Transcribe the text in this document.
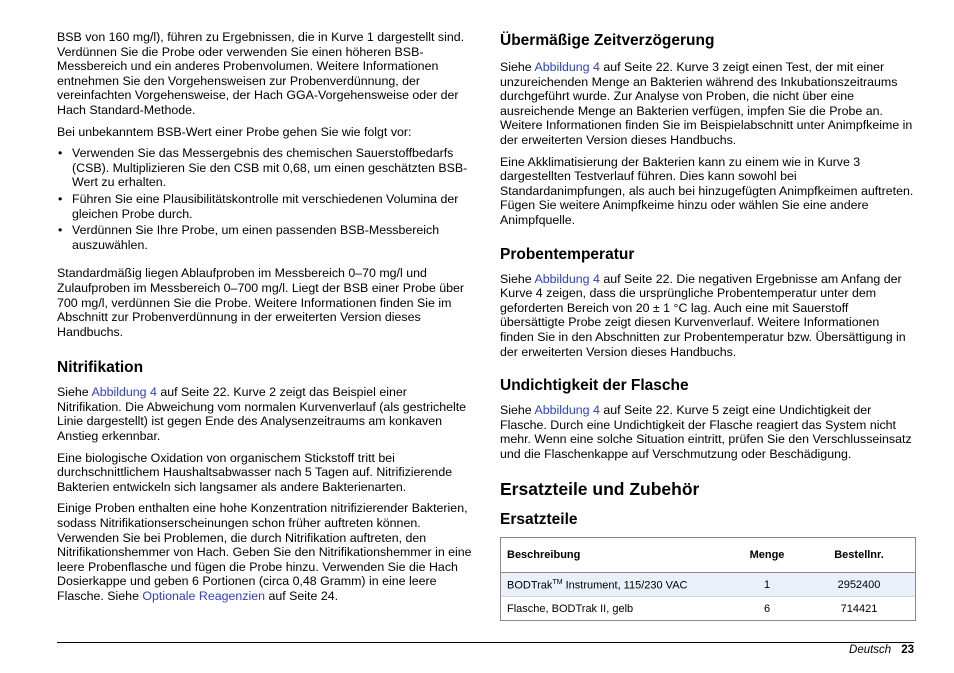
BSB von 160 mg/l), führen zu Ergebnissen, die in Kurve 1 dargestellt sind. Verdünnen Sie die Probe oder verwenden Sie einen höheren BSB-Messbereich und ein anderes Probenvolumen. Weitere Informationen entnehmen Sie den Vorgehensweisen zur Probenverdünnung, der vereinfachten Vorgehensweise, der Hach GGA-Vorgehensweise oder der Hach Standard-Methode.

Bei unbekanntem BSB-Wert einer Probe gehen Sie wie folgt vor:

• Verwenden Sie das Messergebnis des chemischen Sauerstoffbedarfs (CSB). Multiplizieren Sie den CSB mit 0,68, um einen geschätzten BSB-Wert zu erhalten.
• Führen Sie eine Plausibilitätskontrolle mit verschiedenen Volumina der gleichen Probe durch.
• Verdünnen Sie Ihre Probe, um einen passenden BSB-Messbereich auszuwählen.

Standardmäßig liegen Ablaufproben im Messbereich 0–70 mg/l und Zulaufproben im Messbereich 0–700 mg/l. Liegt der BSB einer Probe über 700 mg/l, verdünnen Sie die Probe. Weitere Informationen finden Sie im Abschnitt zur Probenverdünnung in der erweiterten Version dieses Handbuchs.

Nitrifikation

Siehe Abbildung 4 auf Seite 22. Kurve 2 zeigt das Beispiel einer Nitrifikation. Die Abweichung vom normalen Kurvenverlauf (als gestrichelte Linie dargestellt) ist gegen Ende des Analysenzeitraums am konkaven Anstieg erkennbar.

Eine biologische Oxidation von organischem Stickstoff tritt bei durchschnittlichem Haushaltsabwasser nach 5 Tagen auf. Nitrifizierende Bakterien entwickeln sich langsamer als andere Bakterienarten.

Einige Proben enthalten eine hohe Konzentration nitrifizierender Bakterien, sodass Nitrifikationserscheinungen schon früher auftreten können. Verwenden Sie bei Problemen, die durch Nitrifikation auftreten, den Nitrifikationshemmer von Hach. Geben Sie den Nitrifikationshemmer in eine leere Probenflasche und fügen die Probe hinzu. Verwenden Sie die Hach Dosierkappe und geben 6 Portionen (circa 0,48 Gramm) in eine leere Flasche. Siehe Optionale Reagenzien auf Seite 24.

Übermäßige Zeitverzögerung

Siehe Abbildung 4 auf Seite 22. Kurve 3 zeigt einen Test, der mit einer unzureichenden Menge an Bakterien während des Inkubationszeitraums durchgeführt wurde. Zur Analyse von Proben, die nicht über eine ausreichende Menge an Bakterien verfügen, impfen Sie die Probe an. Weitere Informationen finden Sie im Beispielabschnitt unter Animpfkeime in der erweiterten Version dieses Handbuchs.

Eine Akklimatisierung der Bakterien kann zu einem wie in Kurve 3 dargestellten Testverlauf führen. Dies kann sowohl bei Standardanimpfungen, als auch bei hinzugefügten Animpfkeimen auftreten. Fügen Sie weitere Animpfkeime hinzu oder wählen Sie eine andere Animpfquelle.

Probentemperatur

Siehe Abbildung 4 auf Seite 22. Die negativen Ergebnisse am Anfang der Kurve 4 zeigen, dass die ursprüngliche Probentemperatur unter dem geforderten Bereich von 20 ± 1 °C lag. Auch eine mit Sauerstoff übersättigte Probe zeigt diesen Kurvenverlauf. Weitere Informationen finden Sie in den Abschnitten zur Probentemperatur bzw. Übersättigung in der erweiterten Version dieses Handbuchs.

Undichtigkeit der Flasche

Siehe Abbildung 4 auf Seite 22. Kurve 5 zeigt eine Undichtigkeit der Flasche. Durch eine Undichtigkeit der Flasche reagiert das System nicht mehr. Wenn eine solche Situation eintritt, prüfen Sie den Verschlusseinsatz und die Flaschenkappe auf Verschmutzung oder Beschädigung.

Ersatzteile und Zubehör
Ersatzteile
Beschreibung	Menge	Bestellnr.
BODTrak™ Instrument, 115/230 VAC	1	2952400
Flasche, BODTrak II, gelb	6	714421
Deutsch 23
